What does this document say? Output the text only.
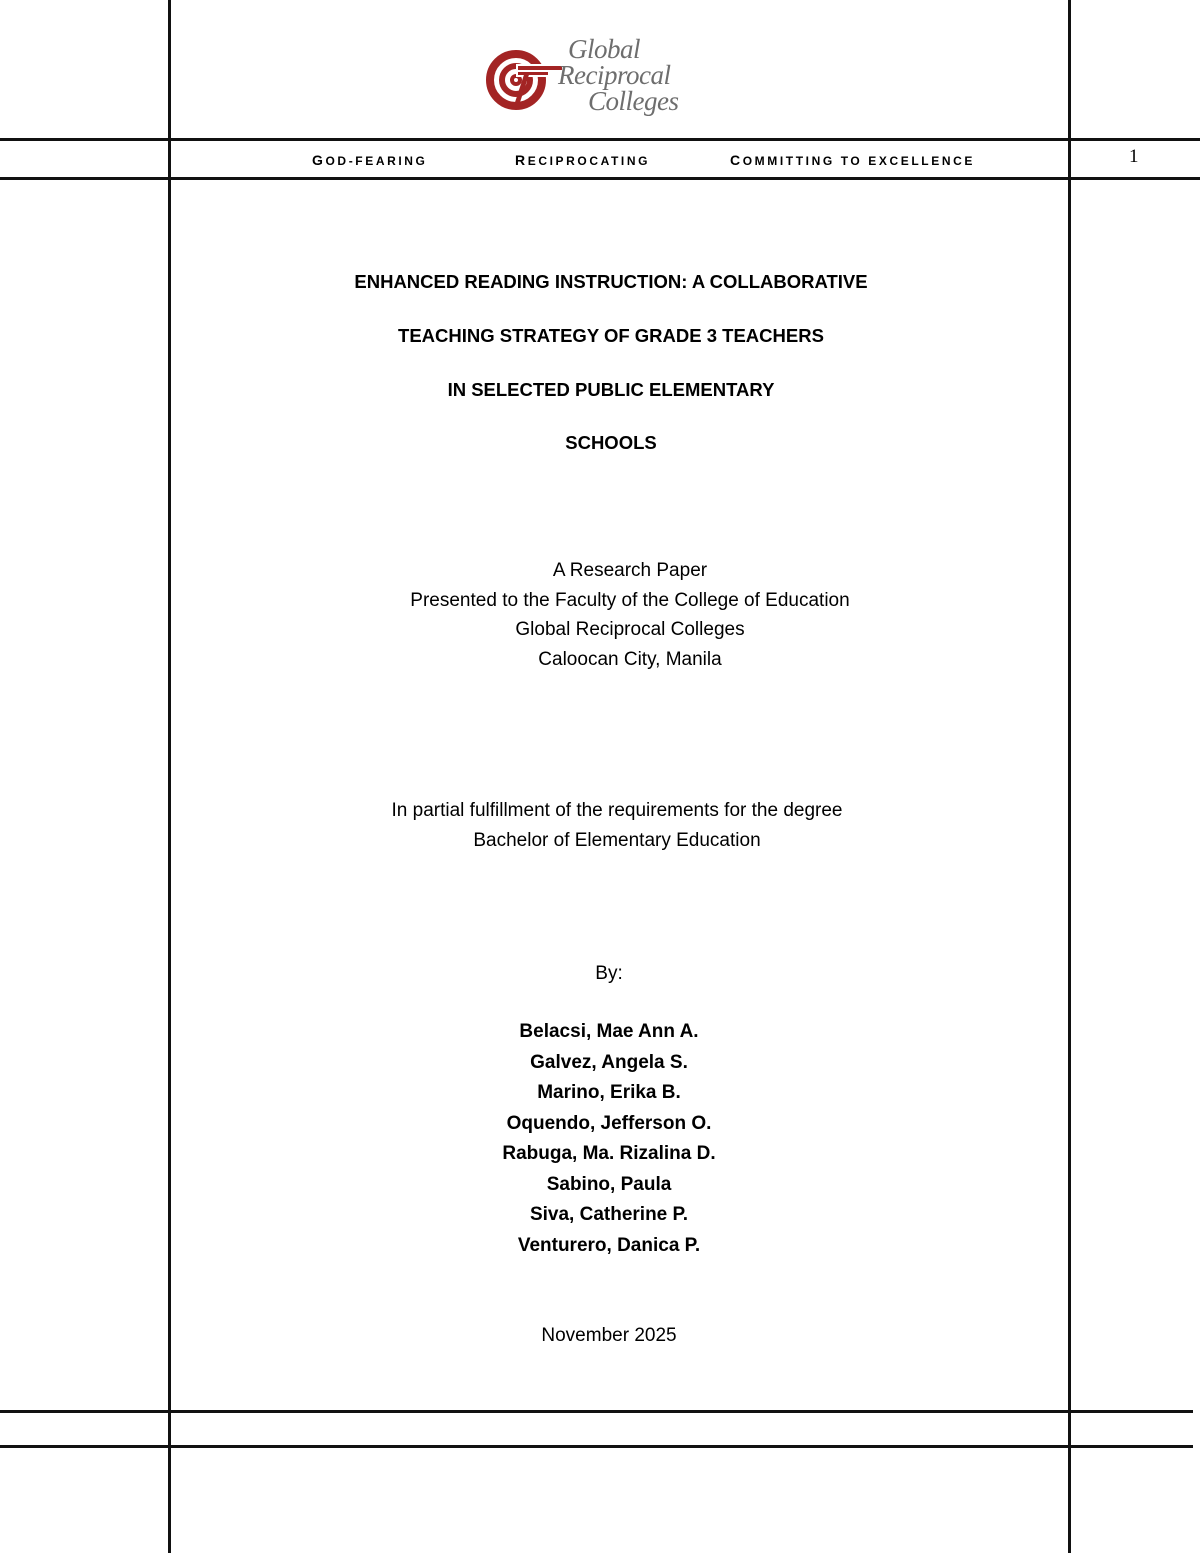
Global
Reciprocal
Colleges
GOD-FEARING	RECIPROCATING	COMMITTING TO EXCELLENCE	1
ENHANCED READING INSTRUCTION: A COLLABORATIVE
TEACHING STRATEGY OF GRADE 3 TEACHERS
IN SELECTED PUBLIC ELEMENTARY
SCHOOLS
A Research Paper
Presented to the Faculty of the College of Education
Global Reciprocal Colleges
Caloocan City, Manila
In partial fulfillment of the requirements for the degree
Bachelor of Elementary Education
By:
Belacsi, Mae Ann A.
Galvez, Angela S.
Marino, Erika B.
Oquendo, Jefferson O.
Rabuga, Ma. Rizalina D.
Sabino, Paula
Siva, Catherine P.
Venturero, Danica P.
November 2025
